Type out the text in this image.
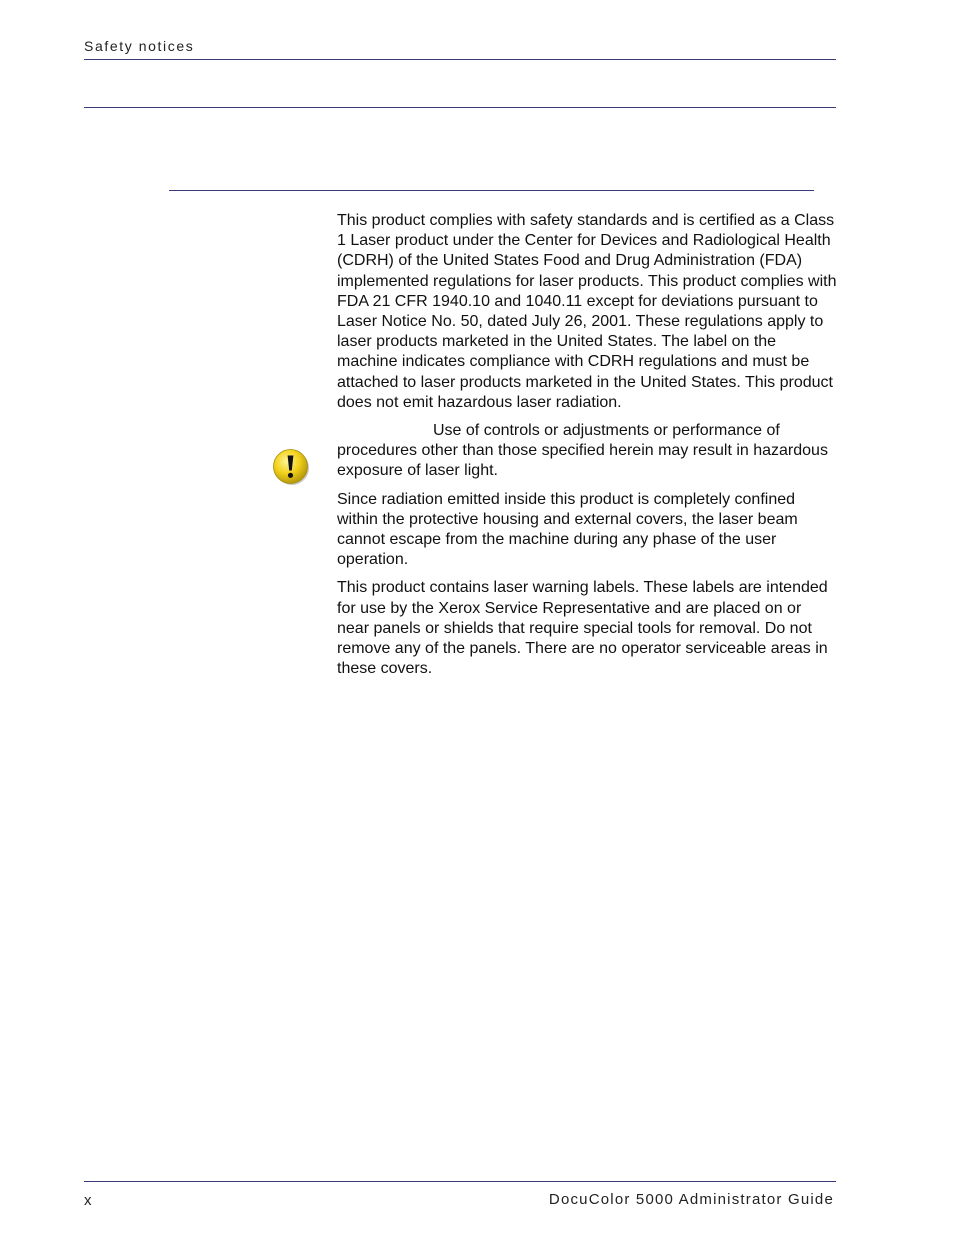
Safety notices

This product complies with safety standards and is certified as a Class 1 Laser product under the Center for Devices and Radiological Health (CDRH) of the United States Food and Drug Administration (FDA) implemented regulations for laser products. This product complies with FDA 21 CFR 1940.10 and 1040.11 except for deviations pursuant to Laser Notice No. 50, dated July 26, 2001. These regulations apply to laser products marketed in the United States. The label on the machine indicates compliance with CDRH regulations and must be attached to laser products marketed in the United States. This product does not emit hazardous laser radiation.

Use of controls or adjustments or performance of procedures other than those specified herein may result in hazardous exposure of laser light.

Since radiation emitted inside this product is completely confined within the protective housing and external covers, the laser beam cannot escape from the machine during any phase of the user operation.

This product contains laser warning labels. These labels are intended for use by the Xerox Service Representative and are placed on or near panels or shields that require special tools for removal. Do not remove any of the panels. There are no operator serviceable areas in these covers.

x	DocuColor 5000 Administrator Guide
